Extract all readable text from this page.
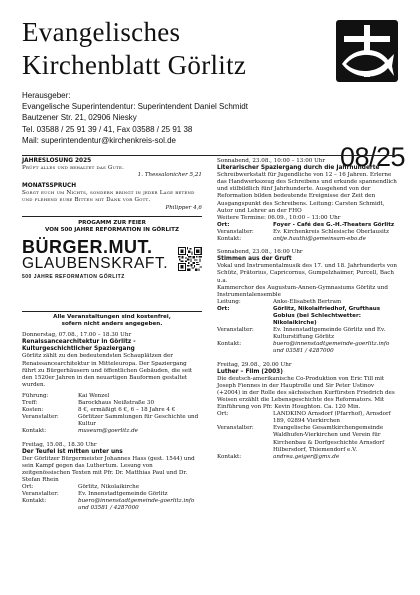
Evangelisches
Kirchenblatt Görlitz
Herausgeber:
Evangelische Superintendentur: Superintendent Daniel Schmidt
Bautzener Str. 21, 02906 Niesky
Tel. 03588 / 25 91 39 / 41, Fax 03588 / 25 91 38
Mail: superintendentur@kirchenkreis-sol.de
08/25
JAHRESLOSUNG 2025
Prüft alles und behaltet das Gute.
1. Thessalonicher 5,21
MONATSSPRUCH
Sorgt euch um Nichts, sondern bringt in jeder Lage betend und flehend eure Bitten mit Dank vor Gott.
Philipper 4,6
PROGAMM ZUR FEIER
VON 500 JAHRE REFORMATION IN GÖRLITZ
BÜRGER.MUT.
GLAUBENSKRAFT.
500 JAHRE REFORMATION GÖRLITZ
Alle Veranstaltungen sind kostenfrei,
sofern nicht anders angegeben.
Donnerstag, 07.08., 17.00 – 18.30 Uhr
Renaissancearchitektur in Görlitz - Kulturgeschichtlicher Spaziergang
Görlitz zählt zu den bedeutendsten Schauplätzen der Renaissancearchitektur in Mitteleuropa. Der Spaziergang führt zu Bürgerhäusern und öffentlichen Gebäuden, die seit den 1520er Jahren in den neuartigen Bauformen gestaltet wurden.
Führung:	Kai Wenzel
Treff:	Barockhaus Neißstraße 30
Kosten:	8 €, ermäßigt 6 €, 6 – 18 Jahre 4 €
Veranstalter:	Görlitzer Sammlungen für Geschichte und Kultur
Kontakt:	museum@goerlitz.de
Freitag, 15.08., 18.30 Uhr
Der Teufel ist mitten unter uns
Der Görlitzer Bürgermeister Johannes Hass (gest. 1544) und sein Kampf gegen das Luthertum. Lesung von zeitgenössischen Texten mit Pfr. Dr. Matthias Paul und Dr. Stefan Rhein
Ort:	Görlitz, Nikolaikirche
Veranstalter:	Ev. Innenstadtgemeinde Görlitz
Kontakt:	buero@innenstadtgemeinde-goerlitz.info und 03581 / 4287000
Sonnabend, 23.08., 10:00 – 13:00 Uhr
Literarischer Spaziergang durch die Jahrhunderte
Schreibwerkstatt für Jugendliche von 12 – 16 Jahren. Erlerne das Handwerkszeug des Schreibens und erkunde spannendlich und stilbildlich fünf Jahrhunderte. Ausgehend von der Reformation bilden bedeutende Ereignisse der Zeit den Ausgangspunkt des Schreibens. Leitung: Carsten Schmidt, Autor und Lehrer an der FHO
Weitere Termine: 06.09., 10:00 – 13:00 Uhr
Ort:	Foyer - Café des G.-H.-Theaters Görlitz
Veranstalter:	Ev. Kirchenkreis Schlesische Oberlausitz
Kontakt:	antje.hauthi@gemeinsam-ebo.de
Sonnabend, 23.08., 16:00 Uhr
Stimmen aus der Gruft
Vokal und Instrumentalmusik des 17. und 18. Jahrhunderts von Schütz, Prätorius, Capricornus, Gumpelzhaimer, Purcell, Bach u.a.
Kammerchor des Augustum-Annen-Gymnasiums Görlitz und Instrumentalensemble
Leitung:	Anke-Elisabeth Bertram
Ort:	Görlitz, Nikolaifriedhof, Grufthaus Gobius (bei Schlechtwetter: Nikolaikirche)
Veranstalter:	Ev. Innenstadtgemeinde Görlitz und Ev. Kulturstiftung Görlitz
Kontakt:	buero@innenstadtgemeinde-goerlitz.info und 03581 / 4287000
Freitag, 29.08., 20.00 Uhr
Luther – Film (2003)
Die deutsch-amerikanische Co-Produktion von Eric Till mit Joseph Fiennes in der Hauptrolle und Sir Peter Ustinov (+2004) in der Rolle des sächsischen Kurfürsten Friedrich des Weisen erzählt die Lebensgeschichte des Reformators. Mit Einführung von Pfr. Kevin Houghton. Ca. 120 Min.
Ort:	LANDKINO Arnsdorf (Pfarrhof), Arnsdorf 189, 02894 Vierkirchen
Veranstalter:	Evangelische Gesamtkirchengemeinde Waldhufen-Vierkirchen und Verein für Kirchenbau & Dorfgeschichte Arnsdorf Hilbersdorf, Thiemendorf e.V.
Kontakt:	andrea.geiger@gmx.de
